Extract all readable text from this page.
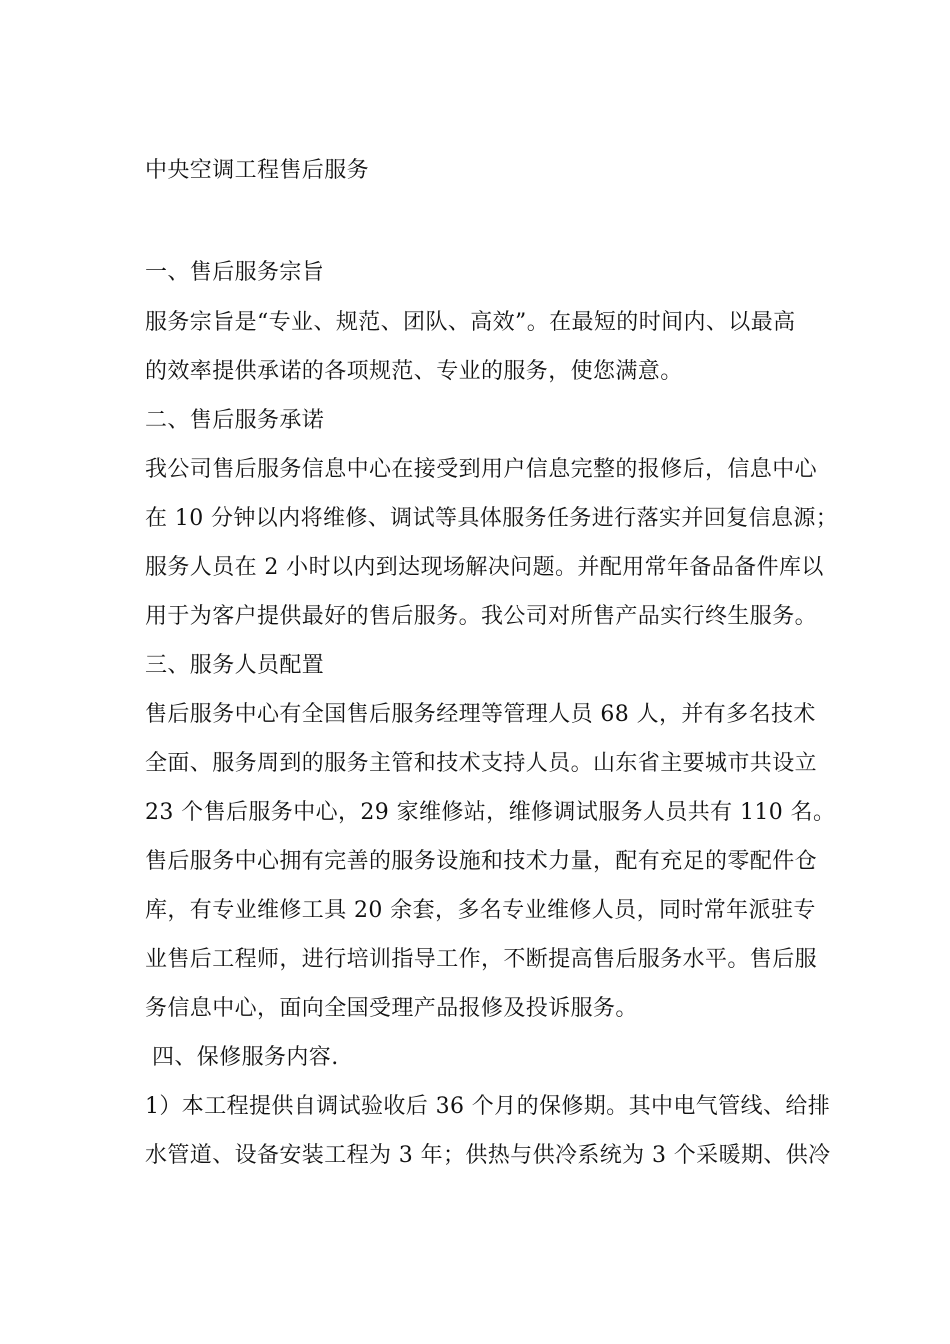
中央空调工程售后服务
一、售后服务宗旨
服务宗旨是“专业、规范、团队、高效”。在最短的时间内、以最高
的效率提供承诺的各项规范、专业的服务，使您满意。
二、售后服务承诺
我公司售后服务信息中心在接受到用户信息完整的报修后，信息中心
在 10 分钟以内将维修、调试等具体服务任务进行落实并回复信息源；
服务人员在 2 小时以内到达现场解决问题。并配用常年备品备件库以
用于为客户提供最好的售后服务。我公司对所售产品实行终生服务。
三、服务人员配置
售后服务中心有全国售后服务经理等管理人员 68 人，并有多名技术
全面、服务周到的服务主管和技术支持人员。山东省主要城市共设立
23 个售后服务中心，29 家维修站，维修调试服务人员共有 110 名。
售后服务中心拥有完善的服务设施和技术力量，配有充足的零配件仓
库，有专业维修工具 20 余套，多名专业维修人员，同时常年派驻专
业售后工程师，进行培训指导工作，不断提高售后服务水平。售后服
务信息中心，面向全国受理产品报修及投诉服务。
四、保修服务内容.
1）本工程提供自调试验收后 36 个月的保修期。其中电气管线、给排
水管道、设备安装工程为 3 年；供热与供冷系统为 3 个采暖期、供冷
